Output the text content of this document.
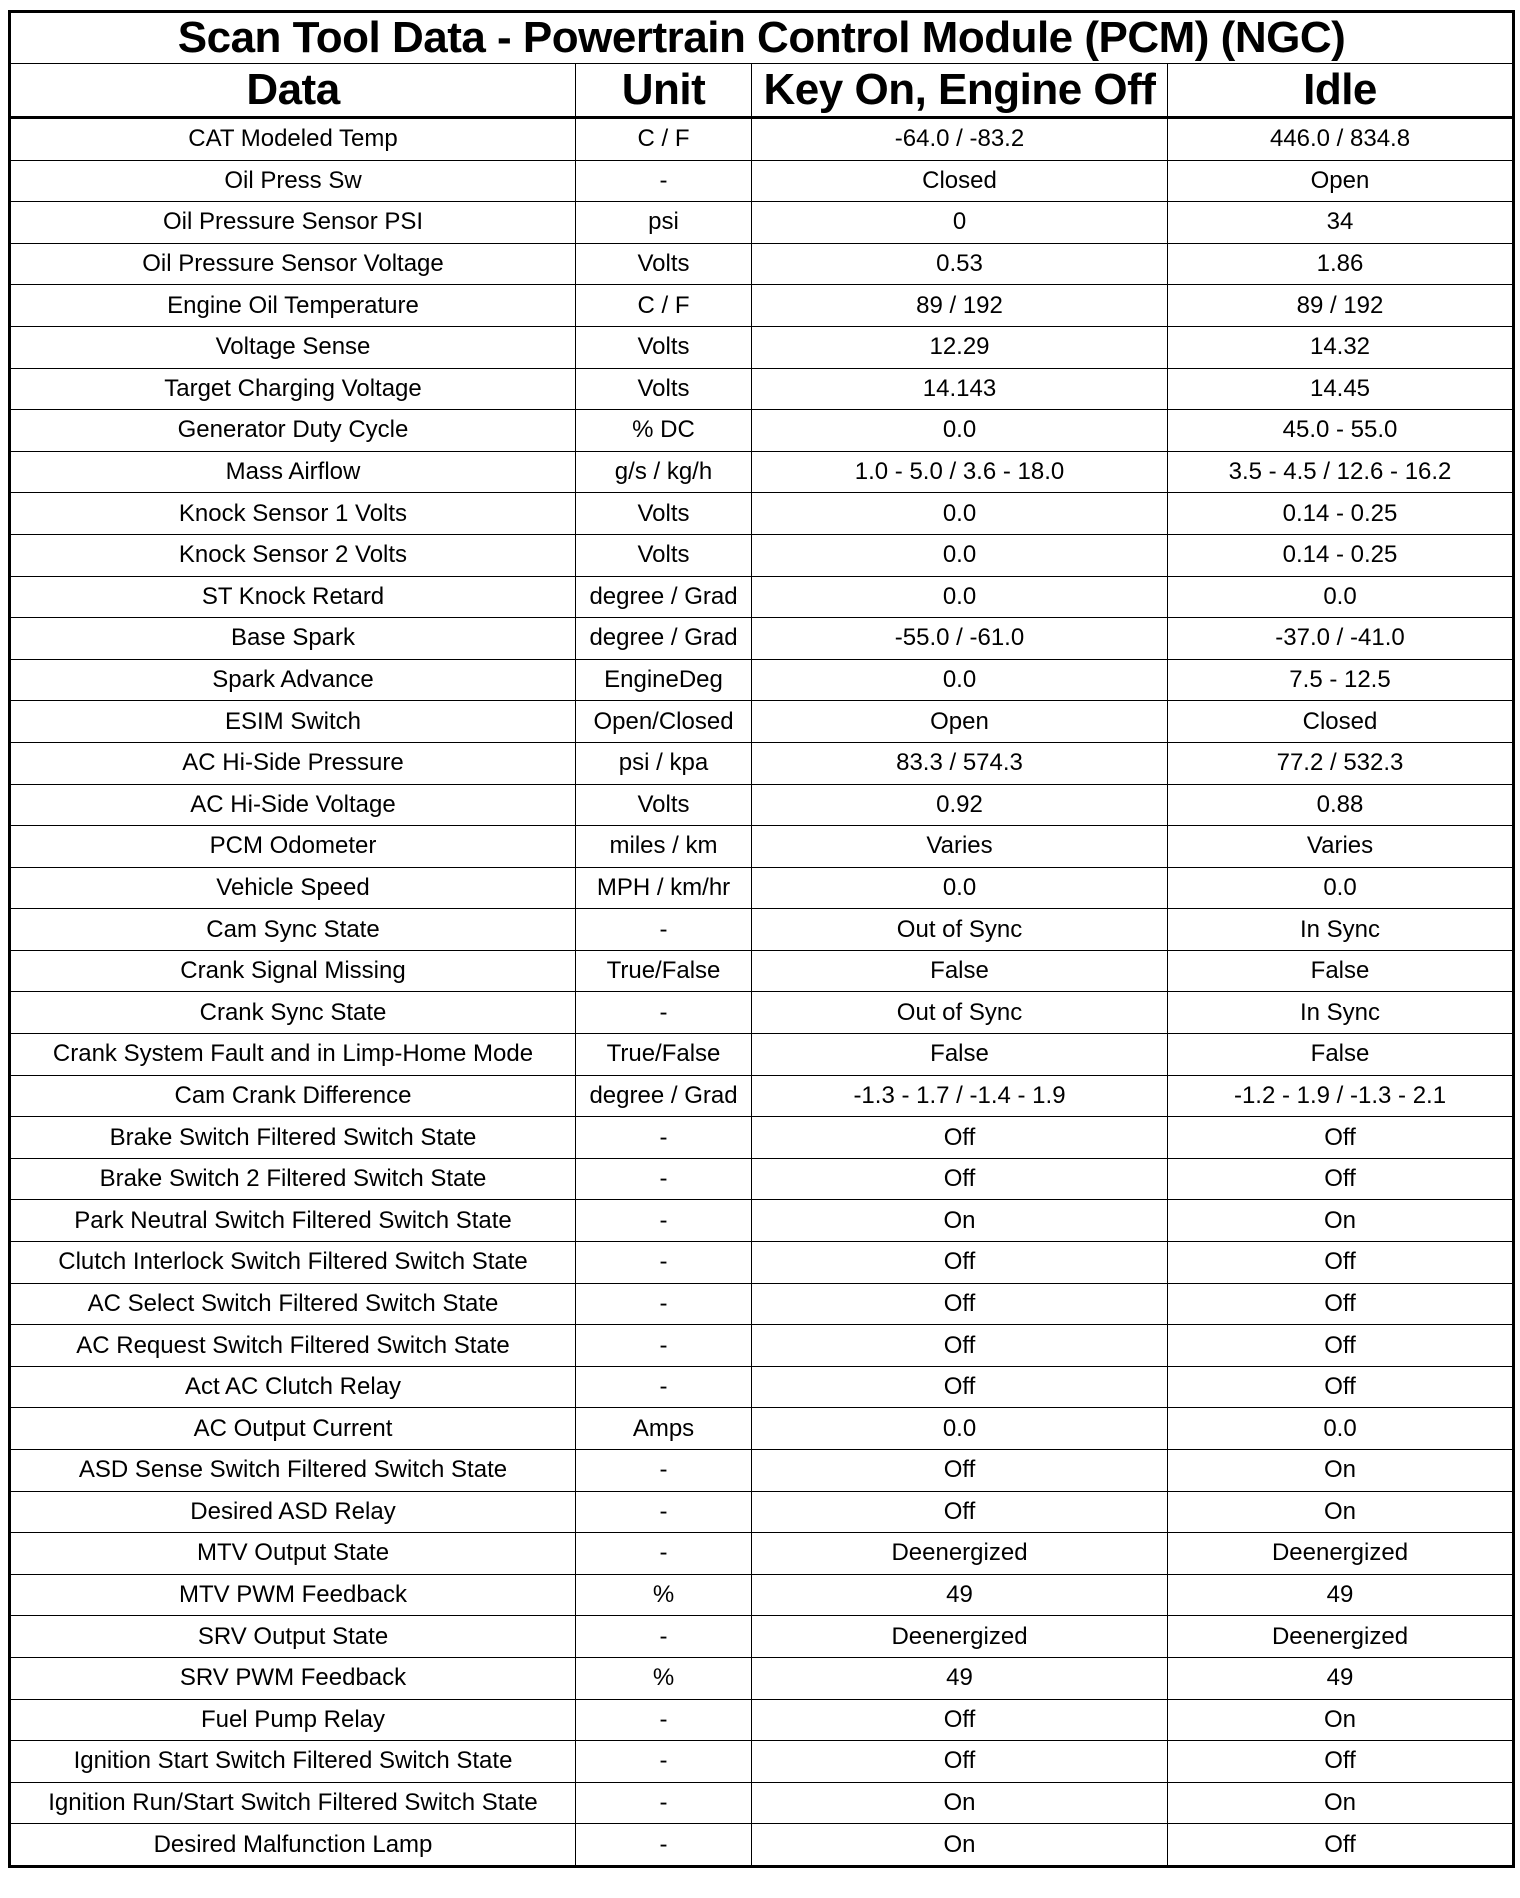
Scan Tool Data - Powertrain Control Module (PCM) (NGC)			
Data	Unit	Key On, Engine Off	Idle
CAT Modeled Temp	C / F	-64.0 / -83.2	446.0 / 834.8
Oil Press Sw	-	Closed	Open
Oil Pressure Sensor PSI	psi	0	34
Oil Pressure Sensor Voltage	Volts	0.53	1.86
Engine Oil Temperature	C / F	89 / 192	89 / 192
Voltage Sense	Volts	12.29	14.32
Target Charging Voltage	Volts	14.143	14.45
Generator Duty Cycle	% DC	0.0	45.0 - 55.0
Mass Airflow	g/s / kg/h	1.0 - 5.0 / 3.6 - 18.0	3.5 - 4.5 / 12.6 - 16.2
Knock Sensor 1 Volts	Volts	0.0	0.14 - 0.25
Knock Sensor 2 Volts	Volts	0.0	0.14 - 0.25
ST Knock Retard	degree / Grad	0.0	0.0
Base Spark	degree / Grad	-55.0 / -61.0	-37.0 / -41.0
Spark Advance	EngineDeg	0.0	7.5 - 12.5
ESIM Switch	Open/Closed	Open	Closed
AC Hi-Side Pressure	psi / kpa	83.3 / 574.3	77.2 / 532.3
AC Hi-Side Voltage	Volts	0.92	0.88
PCM Odometer	miles / km	Varies	Varies
Vehicle Speed	MPH / km/hr	0.0	0.0
Cam Sync State	-	Out of Sync	In Sync
Crank Signal Missing	True/False	False	False
Crank Sync State	-	Out of Sync	In Sync
Crank System Fault and in Limp-Home Mode	True/False	False	False
Cam Crank Difference	degree / Grad	-1.3 - 1.7 / -1.4 - 1.9	-1.2 - 1.9 / -1.3 - 2.1
Brake Switch Filtered Switch State	-	Off	Off
Brake Switch 2 Filtered Switch State	-	Off	Off
Park Neutral Switch Filtered Switch State	-	On	On
Clutch Interlock Switch Filtered Switch State	-	Off	Off
AC Select Switch Filtered Switch State	-	Off	Off
AC Request Switch Filtered Switch State	-	Off	Off
Act AC Clutch Relay	-	Off	Off
AC Output Current	Amps	0.0	0.0
ASD Sense Switch Filtered Switch State	-	Off	On
Desired ASD Relay	-	Off	On
MTV Output State	-	Deenergized	Deenergized
MTV PWM Feedback	%	49	49
SRV Output State	-	Deenergized	Deenergized
SRV PWM Feedback	%	49	49
Fuel Pump Relay	-	Off	On
Ignition Start Switch Filtered Switch State	-	Off	Off
Ignition Run/Start Switch Filtered Switch State	-	On	On
Desired Malfunction Lamp	-	On	Off
